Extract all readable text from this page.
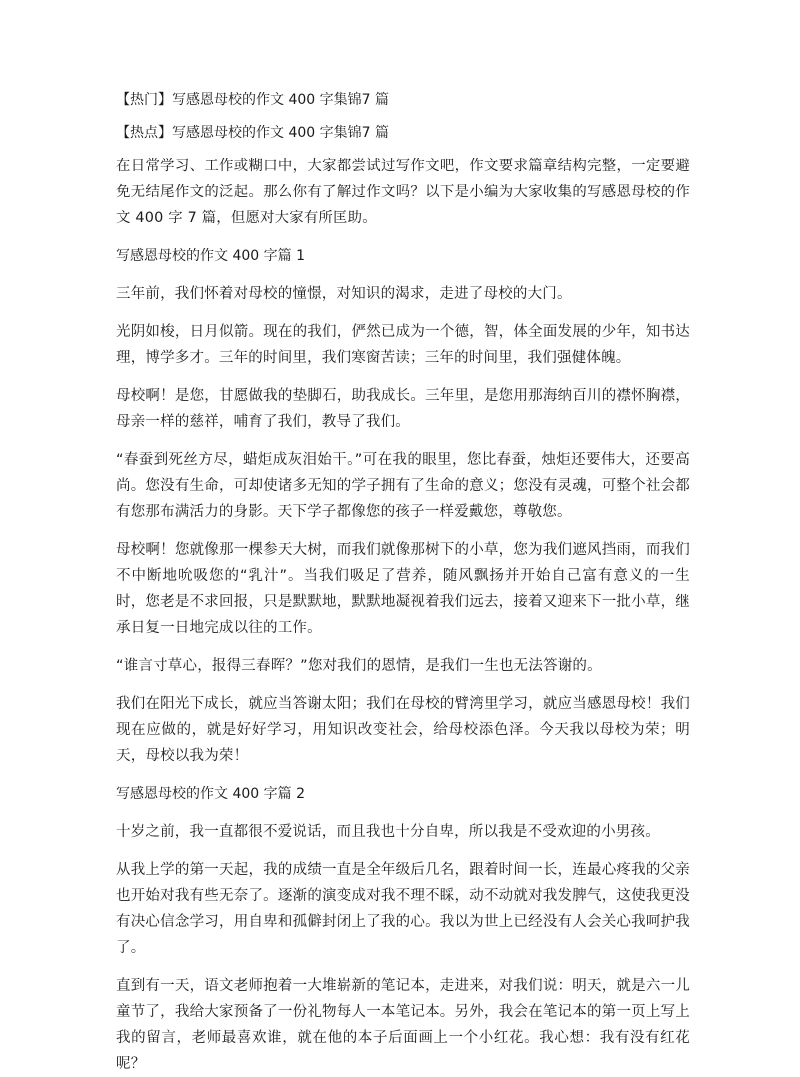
【热门】写感恩母校的作文 400 字集锦7 篇

【热点】写感恩母校的作文 400 字集锦7 篇

在日常学习、工作或糊口中，大家都尝试过写作文吧，作文要求篇章结构完整，一定要避免无结尾作文的泛起。那么你有了解过作文吗？以下是小编为大家收集的写感恩母校的作文 400 字 7 篇，但愿对大家有所匡助。

写感恩母校的作文 400 字篇 1

三年前，我们怀着对母校的憧憬，对知识的渴求，走进了母校的大门。

光阴如梭，日月似箭。现在的我们，俨然已成为一个德，智，体全面发展的少年，知书达理，博学多才。三年的时间里，我们寒窗苦读；三年的时间里，我们强健体魄。

母校啊！是您，甘愿做我的垫脚石，助我成长。三年里，是您用那海纳百川的襟怀胸襟，母亲一样的慈祥，哺育了我们，教导了我们。

“春蚕到死丝方尽，蜡炬成灰泪始干。”可在我的眼里，您比春蚕，烛炬还要伟大，还要高尚。您没有生命，可却使诸多无知的学子拥有了生命的意义；您没有灵魂，可整个社会都有您那布满活力的身影。天下学子都像您的孩子一样爱戴您，尊敬您。

母校啊！您就像那一棵参天大树，而我们就像那树下的小草，您为我们遮风挡雨，而我们不中断地吮吸您的“乳汁”。当我们吸足了营养，随风飘扬并开始自己富有意义的一生时，您老是不求回报，只是默默地，默默地凝视着我们远去，接着又迎来下一批小草，继承日复一日地完成以往的工作。

“谁言寸草心，报得三春晖？”您对我们的恩情，是我们一生也无法答谢的。

我们在阳光下成长，就应当答谢太阳；我们在母校的臂湾里学习，就应当感恩母校！我们现在应做的，就是好好学习，用知识改变社会，给母校添色泽。今天我以母校为荣；明天，母校以我为荣！

写感恩母校的作文 400 字篇 2

十岁之前，我一直都很不爱说话，而且我也十分自卑，所以我是不受欢迎的小男孩。

从我上学的第一天起，我的成绩一直是全年级后几名，跟着时间一长，连最心疼我的父亲也开始对我有些无奈了。逐渐的演变成对我不理不睬，动不动就对我发脾气，这使我更没有决心信念学习，用自卑和孤僻封闭上了我的心。我以为世上已经没有人会关心我呵护我了。

直到有一天，语文老师抱着一大堆崭新的笔记本，走进来，对我们说：明天，就是六一儿童节了，我给大家预备了一份礼物每人一本笔记本。另外，我会在笔记本的第一页上写上我的留言，老师最喜欢谁，就在他的本子后面画上一个小红花。我心想：我有没有红花呢？
